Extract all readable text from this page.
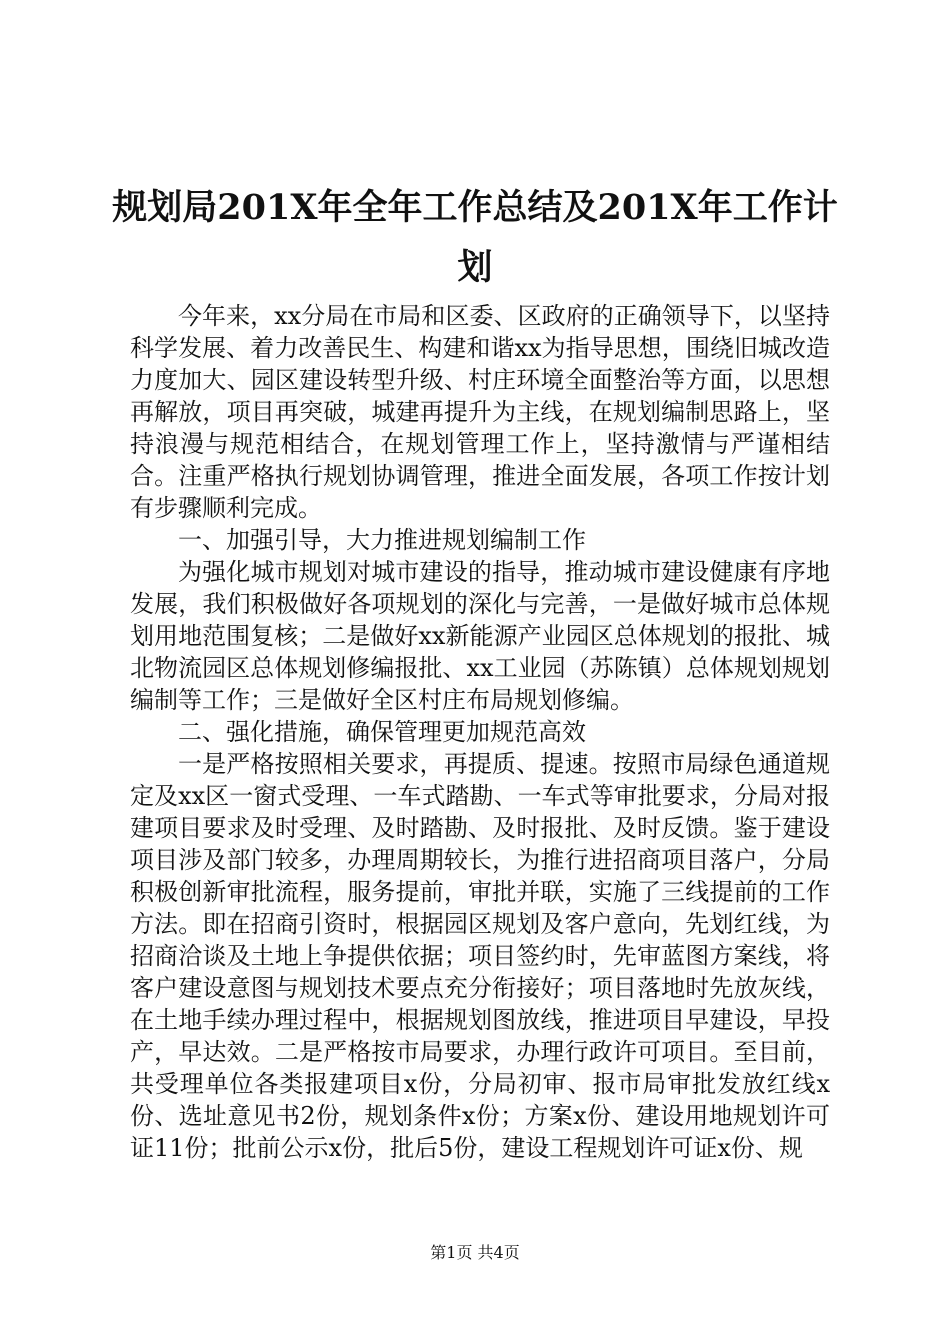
规划局201X年全年工作总结及201X年工作计划

今年来，xx分局在市局和区委、区政府的正确领导下，以坚持科学发展、着力改善民生、构建和谐xx为指导思想，围绕旧城改造力度加大、园区建设转型升级、村庄环境全面整治等方面，以思想再解放，项目再突破，城建再提升为主线，在规划编制思路上，坚持浪漫与规范相结合，在规划管理工作上，坚持激情与严谨相结合。注重严格执行规划协调管理，推进全面发展，各项工作按计划有步骤顺利完成。

一、加强引导，大力推进规划编制工作

为强化城市规划对城市建设的指导，推动城市建设健康有序地发展，我们积极做好各项规划的深化与完善，一是做好城市总体规划用地范围复核；二是做好xx新能源产业园区总体规划的报批、城北物流园区总体规划修编报批、xx工业园（苏陈镇）总体规划规划编制等工作；三是做好全区村庄布局规划修编。

二、强化措施，确保管理更加规范高效

一是严格按照相关要求，再提质、提速。按照市局绿色通道规定及xx区一窗式受理、一车式踏勘、一车式等审批要求，分局对报建项目要求及时受理、及时踏勘、及时报批、及时反馈。鉴于建设项目涉及部门较多，办理周期较长，为推行进招商项目落户，分局积极创新审批流程，服务提前，审批并联，实施了三线提前的工作方法。即在招商引资时，根据园区规划及客户意向，先划红线，为招商洽谈及土地上争提供依据；项目签约时，先审蓝图方案线，将客户建设意图与规划技术要点充分衔接好；项目落地时先放灰线，在土地手续办理过程中，根据规划图放线，推进项目早建设，早投产，早达效。二是严格按市局要求，办理行政许可项目。至目前，共受理单位各类报建项目x份，分局初审、报市局审批发放红线x份、选址意见书2份，规划条件x份；方案x份、建设用地规划许可证11份；批前公示x份，批后5份，建设工程规划许可证x份、规

第1页 共4页
